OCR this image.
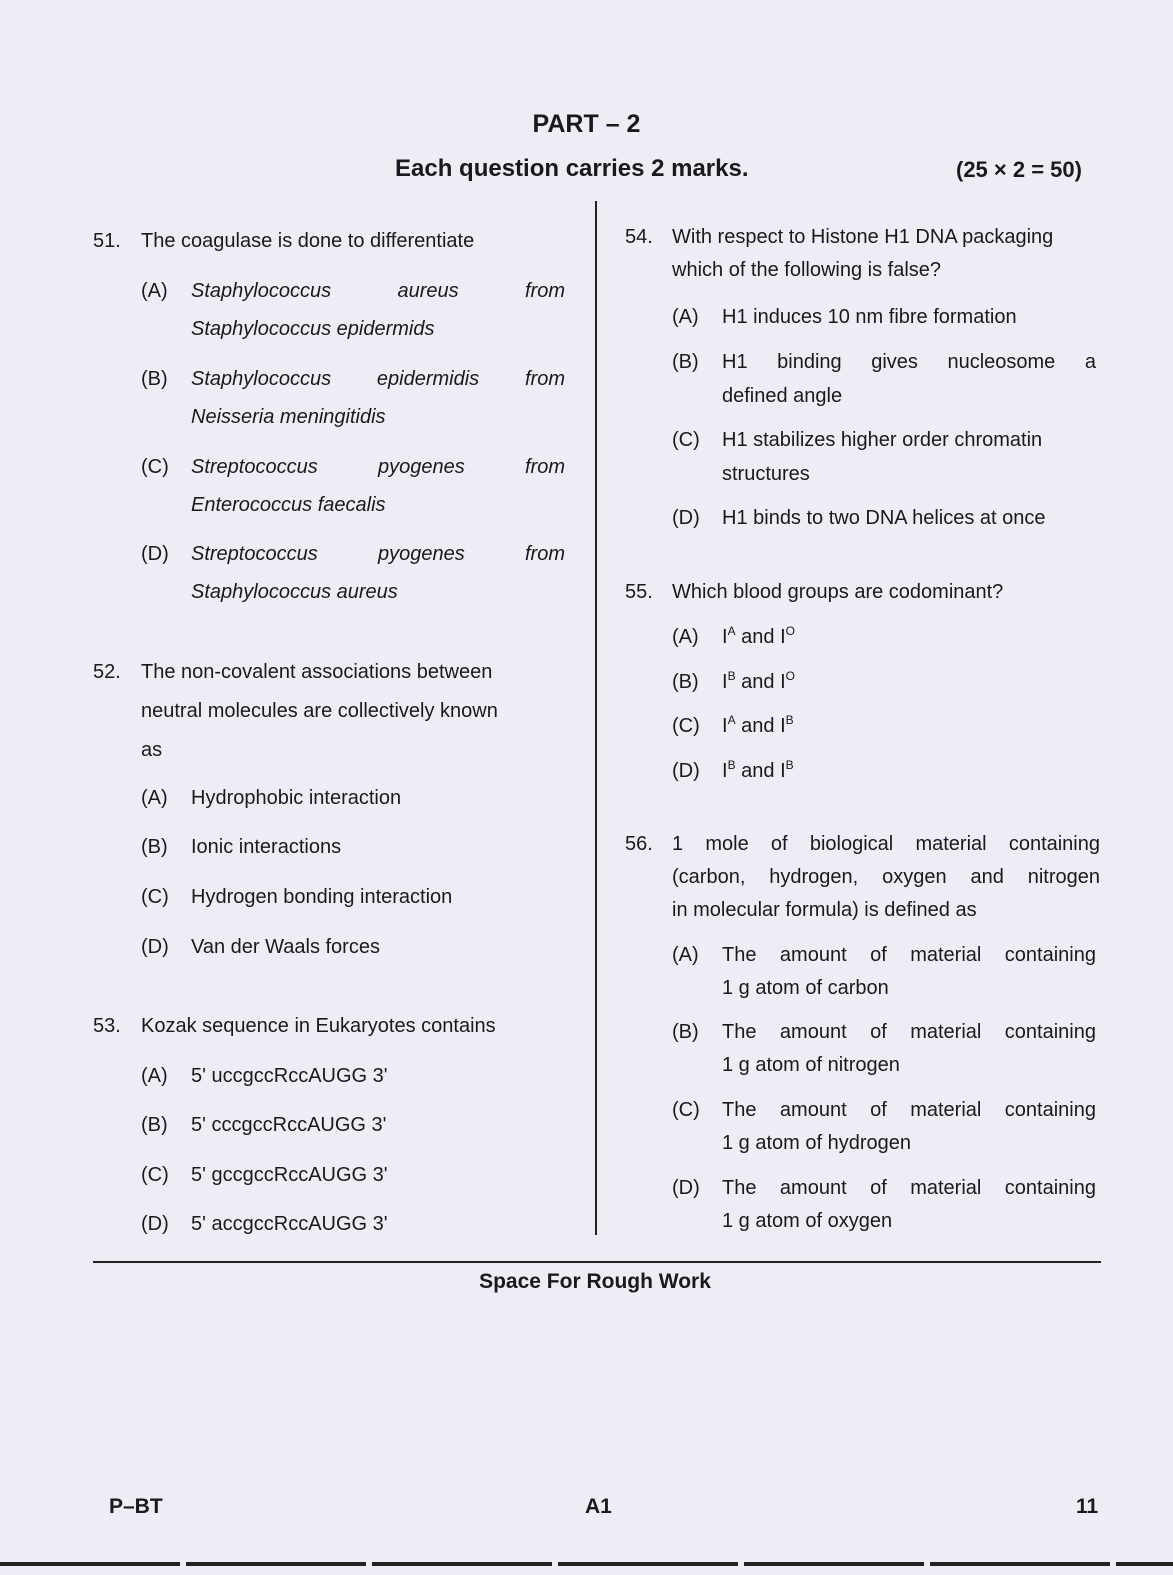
PART – 2
Each question carries 2 marks.	(25 × 2 = 50)
51. The coagulase is done to differentiate
(A) Staphylococcus	aureus	from
Staphylococcus epidermids
(B) Staphylococcus epidermidis from
Neisseria meningitidis
(C) Streptococcus	pyogenes	from
Enterococcus faecalis
(D) Streptococcus	pyogenes	from
Staphylococcus aureus
52. The non-covalent associations between
neutral molecules are collectively known
as
(A) Hydrophobic interaction
(B) Ionic interactions
(C) Hydrogen bonding interaction
(D) Van der Waals forces
53. Kozak sequence in Eukaryotes contains
(A) 5' uccgccRccAUGG 3'
(B) 5' cccgccRccAUGG 3'
(C) 5' gccgccRccAUGG 3'
(D) 5' accgccRccAUGG 3'
54. With respect to Histone H1 DNA packaging
which of the following is false?
(A) H1 induces 10 nm fibre formation
(B) H1 binding gives nucleosome a
defined angle
(C) H1 stabilizes higher order chromatin
structures
(D) H1 binds to two DNA helices at once
55. Which blood groups are codominant?
(A) $I^A$ and $I^O$
(B) $I^B$ and $I^O$
(C) $I^A$ and $I^B$
(D) $I^B$ and $I^B$
56. 1 mole of biological material containing
(carbon, hydrogen, oxygen and nitrogen
in molecular formula) is defined as
(A) The amount of material containing
1 g atom of carbon
(B) The amount of material containing
1 g atom of nitrogen
(C) The amount of material containing
1 g atom of hydrogen
(D) The amount of material containing
1 g atom of oxygen
Space For Rough Work
P–BT	A1	11
